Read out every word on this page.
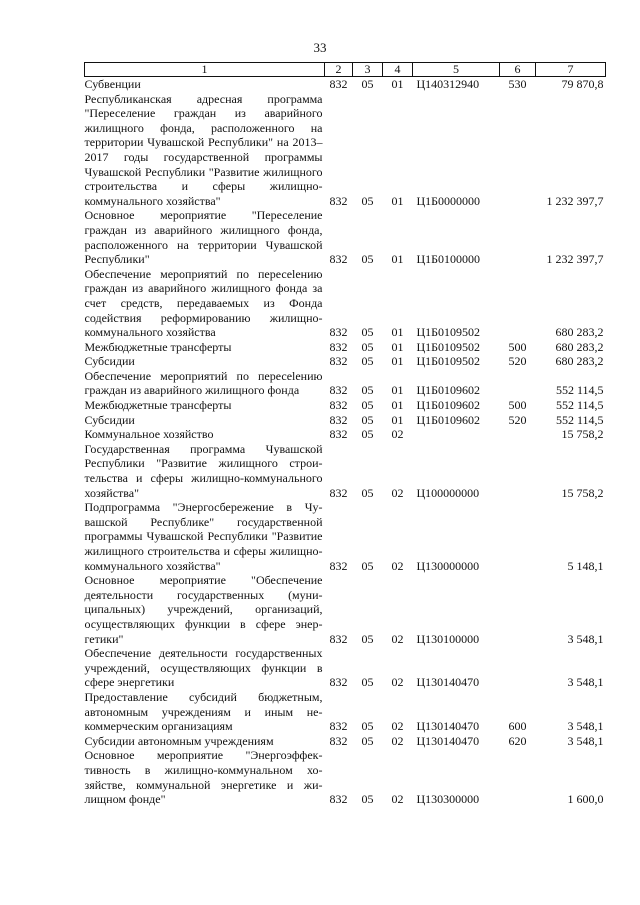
33
1	2	3	4	5	6	7
Субвенции	832	05	01	Ц140312940	530	79 870,8
Республиканская адресная программа "Переселение граждан из аварийного жилищного фонда, расположенного на территории Чувашской Республики" на 2013–2017 годы государственной программы Чувашской Республики "Развитие жилищного строительства и сферы жилищно-коммунального хозяйства"	832	05	01	Ц1Б0000000		1 232 397,7
Основное мероприятие "Переселение граждан из аварийного жилищного фонда, расположенного на территории Чувашской Республики"	832	05	01	Ц1Б0100000		1 232 397,7
Обеспечение мероприятий по пересeleнию граждан из аварийного жилищного фонда за счет средств, передаваемых из Фонда содействия реформированию жилищно-коммунального хозяйства	832	05	01	Ц1Б0109502		680 283,2
Межбюджетные трансферты	832	05	01	Ц1Б0109502	500	680 283,2
Субсидии	832	05	01	Ц1Б0109502	520	680 283,2
Обеспечение мероприятий по пересeleнию граждан из аварийного жилищного фонда	832	05	01	Ц1Б0109602		552 114,5
Межбюджетные трансферты	832	05	01	Ц1Б0109602	500	552 114,5
Субсидии	832	05	01	Ц1Б0109602	520	552 114,5
Коммунальное хозяйство	832	05	02			15 758,2
Государственная программа Чувашской Республики "Развитие жилищного строительства и сферы жилищно-коммунального хозяйства"	832	05	02	Ц100000000		15 758,2
Подпрограмма "Энергосбережение в Чувашской Республике" государственной программы Чувашской Республики "Развитие жилищного строительства и сферы жилищно-коммунального хозяйства"	832	05	02	Ц130000000		5 148,1
Основное мероприятие "Обеспечение деятельности государственных (муниципальных) учреждений, организаций, осуществляющих функции в сфере энергетики"	832	05	02	Ц130100000		3 548,1
Обеспечение деятельности государственных учреждений, осуществляющих функции в сфере энергетики	832	05	02	Ц130140470		3 548,1
Предоставление субсидий бюджетным, автономным учреждениям и иным некоммерческим организациям	832	05	02	Ц130140470	600	3 548,1
Субсидии автономным учреждениям	832	05	02	Ц130140470	620	3 548,1
Основное мероприятие "Энергоэффективность в жилищно-коммунальном хозяйстве, коммунальной энергетике и жилищном фонде"	832	05	02	Ц130300000		1 600,0
